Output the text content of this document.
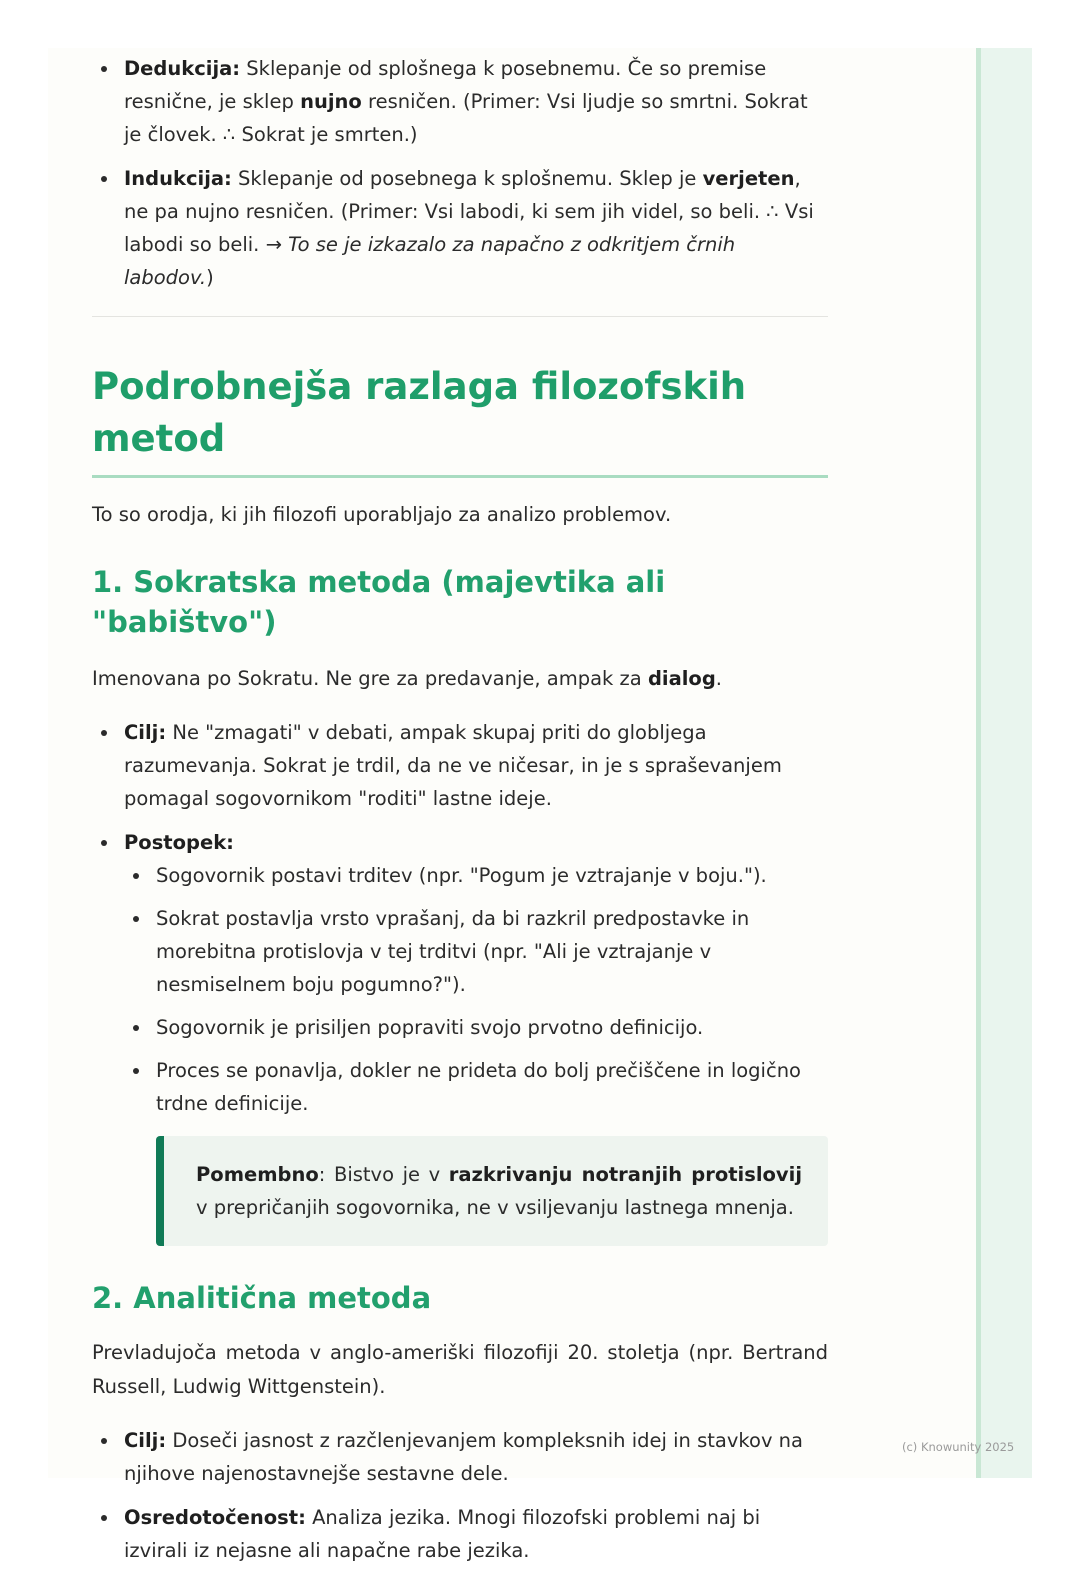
Dedukcija: Sklepanje od splošnega k posebnemu. Če so premise resnične, je sklep nujno resničen. (Primer: Vsi ljudje so smrtni. Sokrat je človek. ∴ Sokrat je smrten.)
Indukcija: Sklepanje od posebnega k splošnemu. Sklep je verjeten, ne pa nujno resničen. (Primer: Vsi labodi, ki sem jih videl, so beli. ∴ Vsi labodi so beli. → To se je izkazalo za napačno z odkritjem črnih labodov.)
Podrobnejša razlaga filozofskih metod

To so orodja, ki jih filozofi uporabljajo za analizo problemov.

1. Sokratska metoda (majevtika ali "babištvo")

Imenovana po Sokratu. Ne gre za predavanje, ampak za dialog.

Cilj: Ne "zmagati" v debati, ampak skupaj priti do globljega razumevanja. Sokrat je trdil, da ne ve ničesar, in je s spraševanjem pomagal sogovornikom "roditi" lastne ideje.
Postopek:
Sogovornik postavi trditev (npr. "Pogum je vztrajanje v boju.").
Sokrat postavlja vrsto vprašanj, da bi razkril predpostavke in morebitna protislovja v tej trditvi (npr. "Ali je vztrajanje v nesmiselnem boju pogumno?").
Sogovornik je prisiljen popraviti svojo prvotno definicijo.
Proces se ponavlja, dokler ne prideta do bolj prečiščene in logično trdne definicije.
Pomembno: Bistvo je v razkrivanju notranjih protislovij v prepričanjih sogovornika, ne v vsiljevanju lastnega mnenja.
2. Analitična metoda

Prevladujoča metoda v anglo-ameriški filozofiji 20. stoletja (npr. Bertrand Russell, Ludwig Wittgenstein).

Cilj: Doseči jasnost z razčlenjevanjem kompleksnih idej in stavkov na njihove najenostavnejše sestavne dele.
Osredotočenost: Analiza jezika. Mnogi filozofski problemi naj bi izvirali iz nejasne ali napačne rabe jezika.
(c) Knowunity 2025
